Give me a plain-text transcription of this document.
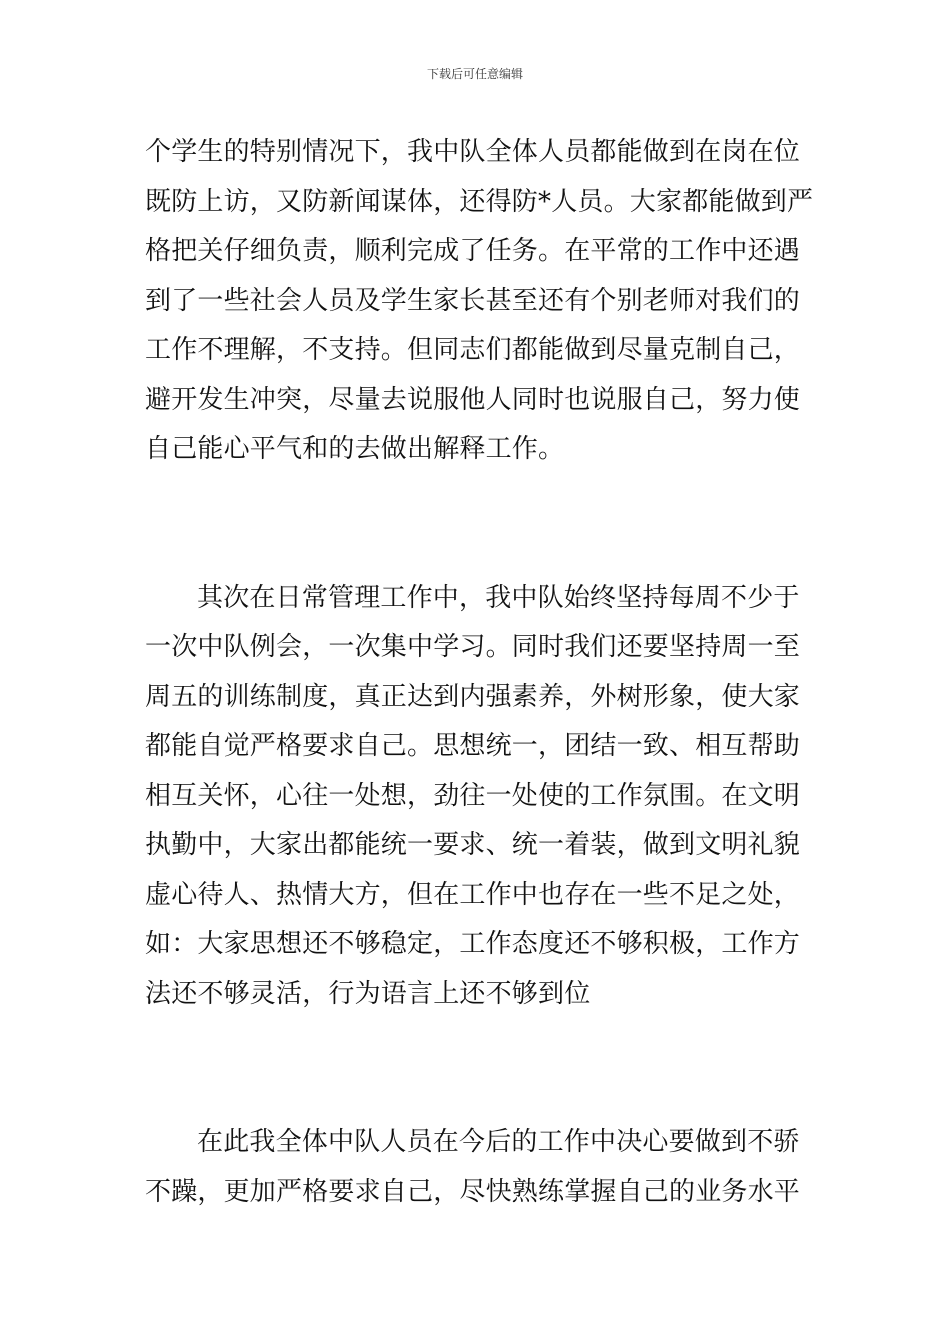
下载后可任意编辑
个学生的特别情况下，我中队全体人员都能做到在岗在位
既防上访，又防新闻谋体，还得防*人员。大家都能做到严
格把关仔细负责，顺利完成了任务。在平常的工作中还遇
到了一些社会人员及学生家长甚至还有个别老师对我们的
工作不理解，不支持。但同志们都能做到尽量克制自己，
避开发生冲突，尽量去说服他人同时也说服自己，努力使
自己能心平气和的去做出解释工作。
其次在日常管理工作中，我中队始终坚持每周不少于
一次中队例会，一次集中学习。同时我们还要坚持周一至
周五的训练制度，真正达到内强素养，外树形象，使大家
都能自觉严格要求自己。思想统一，团结一致、相互帮助
相互关怀，心往一处想，劲往一处使的工作氛围。在文明
执勤中，大家出都能统一要求、统一着装，做到文明礼貌
虚心待人、热情大方，但在工作中也存在一些不足之处，
如：大家思想还不够稳定，工作态度还不够积极，工作方
法还不够灵活，行为语言上还不够到位
在此我全体中队人员在今后的工作中决心要做到不骄
不躁，更加严格要求自己，尽快熟练掌握自己的业务水平
